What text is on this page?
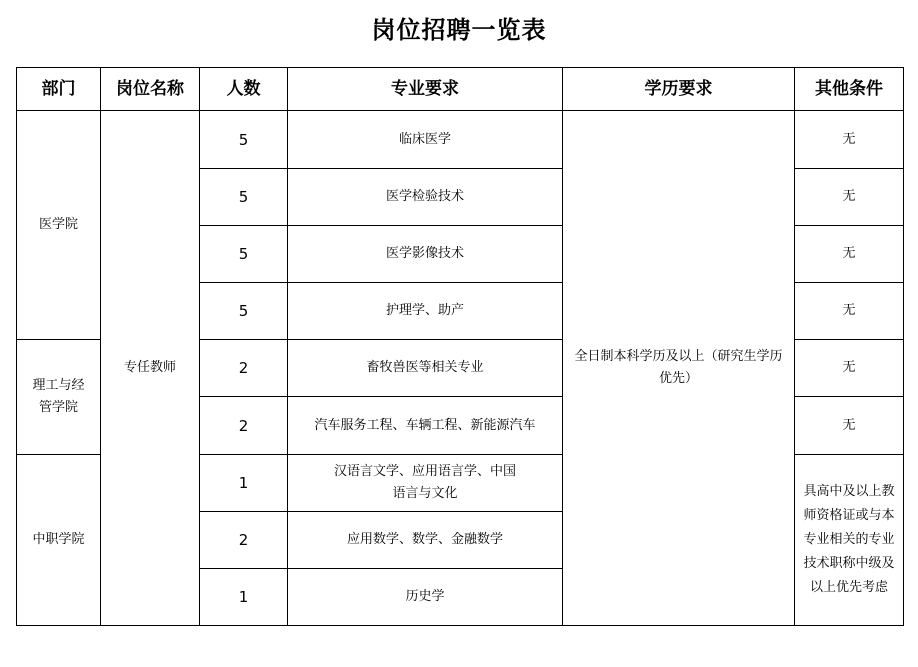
岗位招聘一览表
部门	岗位名称	人数	专业要求	学历要求	其他条件
医学院	专任教师	5	临床医学	全日制本科学历及以上（研究生学历优先）	无
		5	医学检验技术		无
		5	医学影像技术		无
		5	护理学、助产		无
理工与经管学院		2	畜牧兽医等相关专业		无
		2	汽车服务工程、车辆工程、新能源汽车		无
中职学院		1	汉语言文学、应用语言学、中国语言与文化		具高中及以上教师资格证或与本专业相关的专业技术职称中级及以上优先考虑
		2	应用数学、数学、金融数学		
		1	历史学		
